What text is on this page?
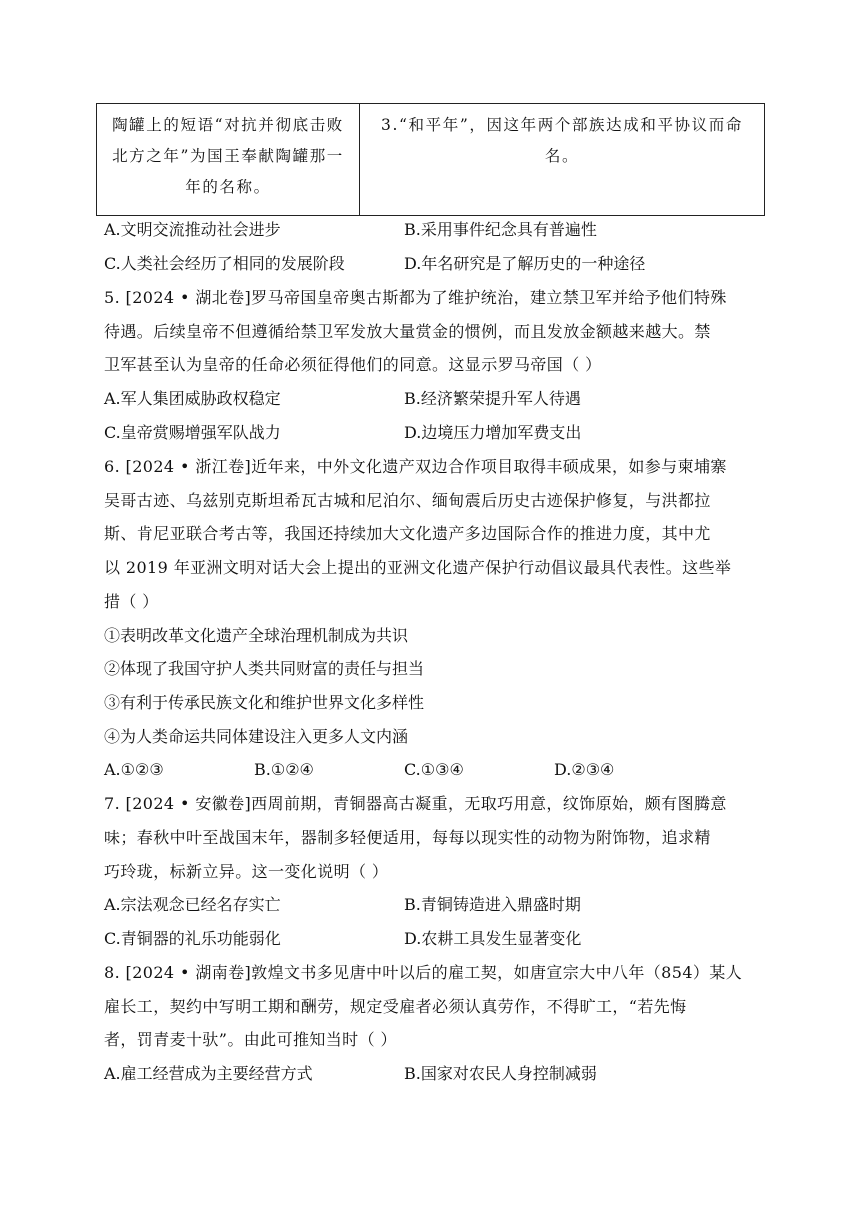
陶罐上的短语“对抗并彻底击败
北方之年”为国王奉献陶罐那一
年的名称。

3.“和平年”，因这年两个部族达成和平协议而命
名。
A.文明交流推动社会进步	B.采用事件纪念具有普遍性
C.人类社会经历了相同的发展阶段	D.年名研究是了解历史的一种途径
5. [2024 • 湖北卷]罗马帝国皇帝奥古斯都为了维护统治，建立禁卫军并给予他们特殊
待遇。后续皇帝不但遵循给禁卫军发放大量赏金的惯例，而且发放金额越来越大。禁
卫军甚至认为皇帝的任命必须征得他们的同意。这显示罗马帝国（ ）
A.军人集团威胁政权稳定	B.经济繁荣提升军人待遇
C.皇帝赏赐增强军队战力	D.边境压力增加军费支出
6. [2024 • 浙江卷]近年来，中外文化遗产双边合作项目取得丰硕成果，如参与柬埔寨
吴哥古迹、乌兹别克斯坦希瓦古城和尼泊尔、缅甸震后历史古迹保护修复，与洪都拉
斯、肯尼亚联合考古等，我国还持续加大文化遗产多边国际合作的推进力度，其中尤
以 2019 年亚洲文明对话大会上提出的亚洲文化遗产保护行动倡议最具代表性。这些举
措（ ）
①表明改革文化遗产全球治理机制成为共识
②体现了我国守护人类共同财富的责任与担当
③有利于传承民族文化和维护世界文化多样性
④为人类命运共同体建设注入更多人文内涵
A.①②③	B.①②④	C.①③④	D.②③④
7. [2024 • 安徽卷]西周前期，青铜器高古凝重，无取巧用意，纹饰原始，颇有图腾意
味；春秋中叶至战国末年，器制多轻便适用，每每以现实性的动物为附饰物，追求精
巧玲珑，标新立异。这一变化说明（ ）
A.宗法观念已经名存实亡	B.青铜铸造进入鼎盛时期
C.青铜器的礼乐功能弱化	D.农耕工具发生显著变化
8. [2024 • 湖南卷]敦煌文书多见唐中叶以后的雇工契，如唐宣宗大中八年（854）某人
雇长工，契约中写明工期和酬劳，规定受雇者必须认真劳作，不得旷工，“若先悔
者，罚青麦十驮”。由此可推知当时（ ）
A.雇工经营成为主要经营方式	B.国家对农民人身控制减弱
